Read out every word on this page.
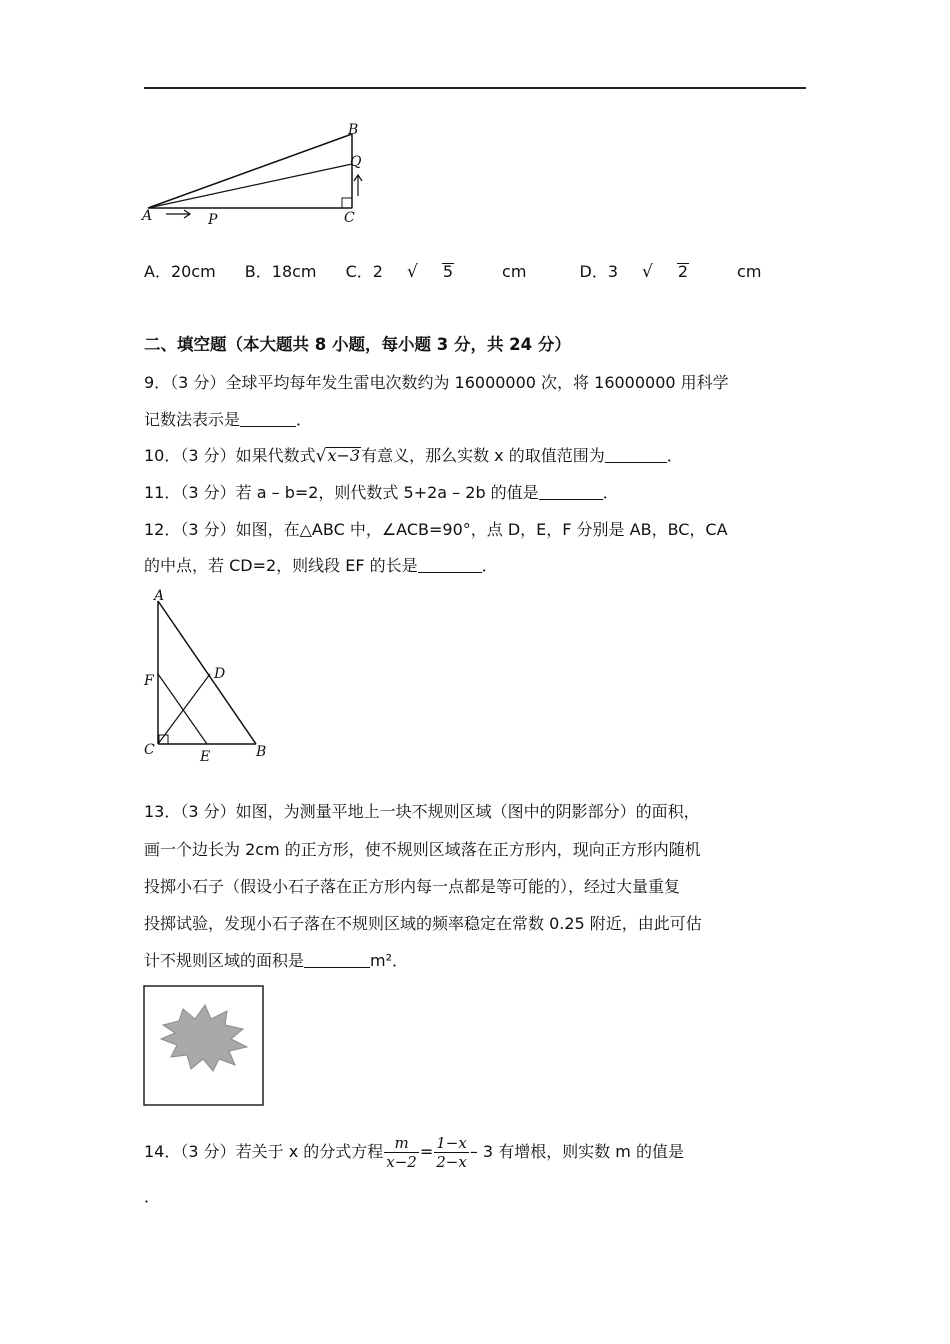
A	P	C
Q
B
A．20cm B．18cm C．2 √ 5	cm	D．3 √ 2	cm
二、填空题（本大题共 8 小题，每小题 3 分，共 24 分）
9．（3 分）全球平均每年发生雷电次数约为 16000000 次，将 16000000 用科学
记数法表示是	．
10．（3 分）如果代数式√x−3有意义，那么实数 x 的取值范围为	．
11．（3 分）若 a – b=2，则代数式 5+2a – 2b 的值是	．
12．（3 分）如图，在△ABC 中，∠ACB=90°，点 D，E，F 分别是 AB，BC，CA
的中点，若 CD=2，则线段 EF 的长是	．
A
F	D
C	E	B
13．（3 分）如图，为测量平地上一块不规则区域（图中的阴影部分）的面积，
画一个边长为 2cm 的正方形，使不规则区域落在正方形内，现向正方形内随机
投掷小石子（假设小石子落在正方形内每一点都是等可能的），经过大量重复
投掷试验，发现小石子落在不规则区域的频率稳定在常数 0.25 附近，由此可估
计不规则区域的面积是	m²．
14．（3 分）若关于 x 的分式方程 $\frac{m}{x-2} = \frac{1-x}{2-x} - 3$ 有增根，则实数 m 的值是
．
